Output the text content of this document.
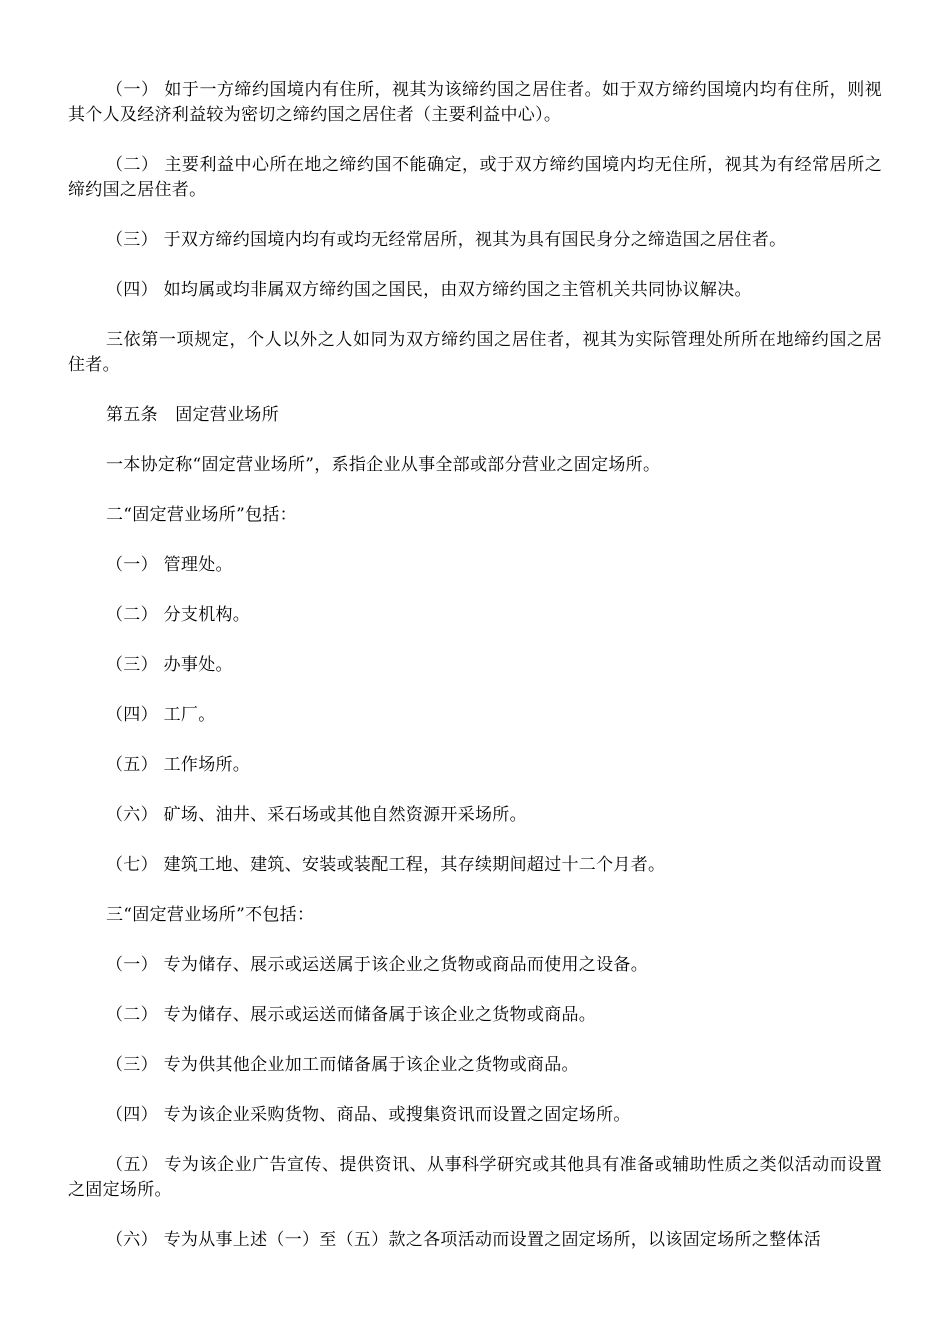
（一） 如于一方缔约国境内有住所，视其为该缔约国之居住者。如于双方缔约国境内均有住所，则视其个人及经济利益较为密切之缔约国之居住者（主要利益中心）。

（二） 主要利益中心所在地之缔约国不能确定，或于双方缔约国境内均无住所，视其为有经常居所之缔约国之居住者。

（三） 于双方缔约国境内均有或均无经常居所，视其为具有国民身分之缔造国之居住者。

（四） 如均属或均非属双方缔约国之国民，由双方缔约国之主管机关共同协议解决。

三依第一项规定，个人以外之人如同为双方缔约国之居住者，视其为实际管理处所所在地缔约国之居住者。

第五条　固定营业场所

一本协定称“固定营业场所”，系指企业从事全部或部分营业之固定场所。

二“固定营业场所”包括：

（一） 管理处。

（二） 分支机构。

（三） 办事处。

（四） 工厂。

（五） 工作场所。

（六） 矿场、油井、采石场或其他自然资源开采场所。

（七） 建筑工地、建筑、安装或装配工程，其存续期间超过十二个月者。

三“固定营业场所”不包括：

（一） 专为储存、展示或运送属于该企业之货物或商品而使用之设备。

（二） 专为储存、展示或运送而储备属于该企业之货物或商品。

（三） 专为供其他企业加工而储备属于该企业之货物或商品。

（四） 专为该企业采购货物、商品、或搜集资讯而设置之固定场所。

（五） 专为该企业广告宣传、提供资讯、从事科学研究或其他具有准备或辅助性质之类似活动而设置之固定场所。

（六） 专为从事上述（一）至（五）款之各项活动而设置之固定场所，以该固定场所之整体活
